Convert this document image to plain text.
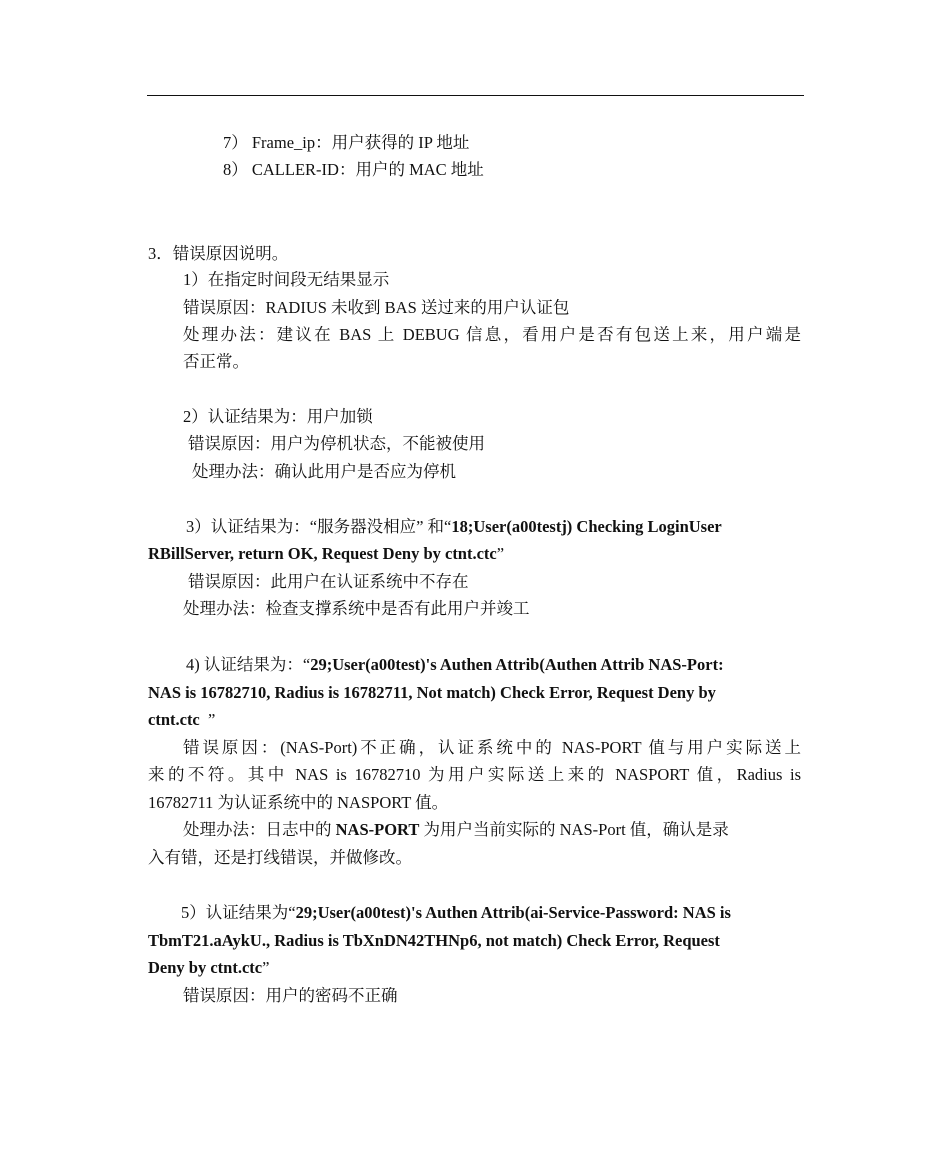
7） Frame_ip：用户获得的 IP 地址
8） CALLER-ID：用户的 MAC 地址
3．错误原因说明。
1）在指定时间段无结果显示
错误原因：RADIUS 未收到 BAS 送过来的用户认证包
处理办法：建议在 BAS 上 DEBUG 信息，看用户是否有包送上来，用户端是
否正常。
2）认证结果为：用户加锁
错误原因：用户为停机状态，不能被使用
处理办法：确认此用户是否应为停机
3）认证结果为：“服务器没相应” 和“18;User(a00testj) Checking LoginUser
RBillServer, return OK, Request Deny by ctnt.ctc”
错误原因：此用户在认证系统中不存在
处理办法：检查支撑系统中是否有此用户并竣工
4) 认证结果为：“29;User(a00test)'s Authen Attrib(Authen Attrib NAS-Port:
NAS is 16782710, Radius is 16782711, Not match) Check Error, Request Deny by
ctnt.ctc ”
错误原因：(NAS-Port)不正确，认证系统中的 NAS-PORT 值与用户实际送上
来的不符。其中 NAS is 16782710 为用户实际送上来的 NASPORT 值，Radius is
16782711 为认证系统中的 NASPORT 值。
处理办法：日志中的 NAS-PORT 为用户当前实际的 NAS-Port 值，确认是录
入有错，还是打线错误，并做修改。
5）认证结果为“29;User(a00test)'s Authen Attrib(ai-Service-Password: NAS is
TbmT21.aAykU., Radius is TbXnDN42THNp6, not match) Check Error, Request
Deny by ctnt.ctc”
错误原因：用户的密码不正确
